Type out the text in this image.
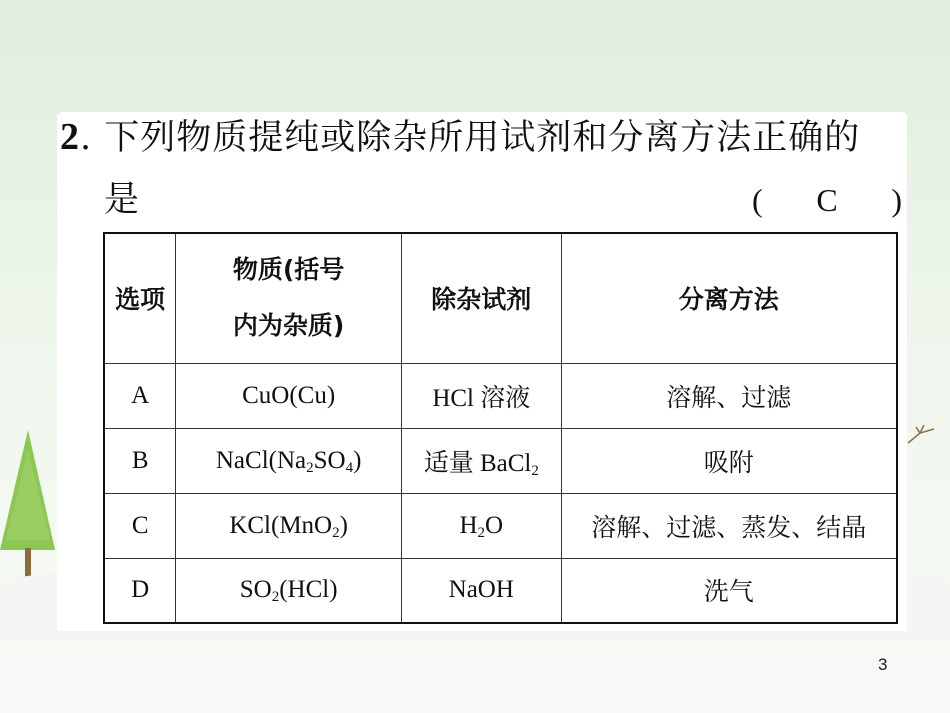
2. 下列物质提纯或除杂所用试剂和分离方法正确的
是	( C )
选项	物质(括号
内为杂质)	除杂试剂	分离方法
A	CuO(Cu)	HCl 溶液	溶解、过滤
B	$NaCl(Na_2SO_4)$	适量 BaCl$_2$	吸附
C	KCl(MnO$_2$)	$H_2O$	溶解、过滤、蒸发、结晶
D	$SO_2(HCl)$	NaOH	洗气
3
